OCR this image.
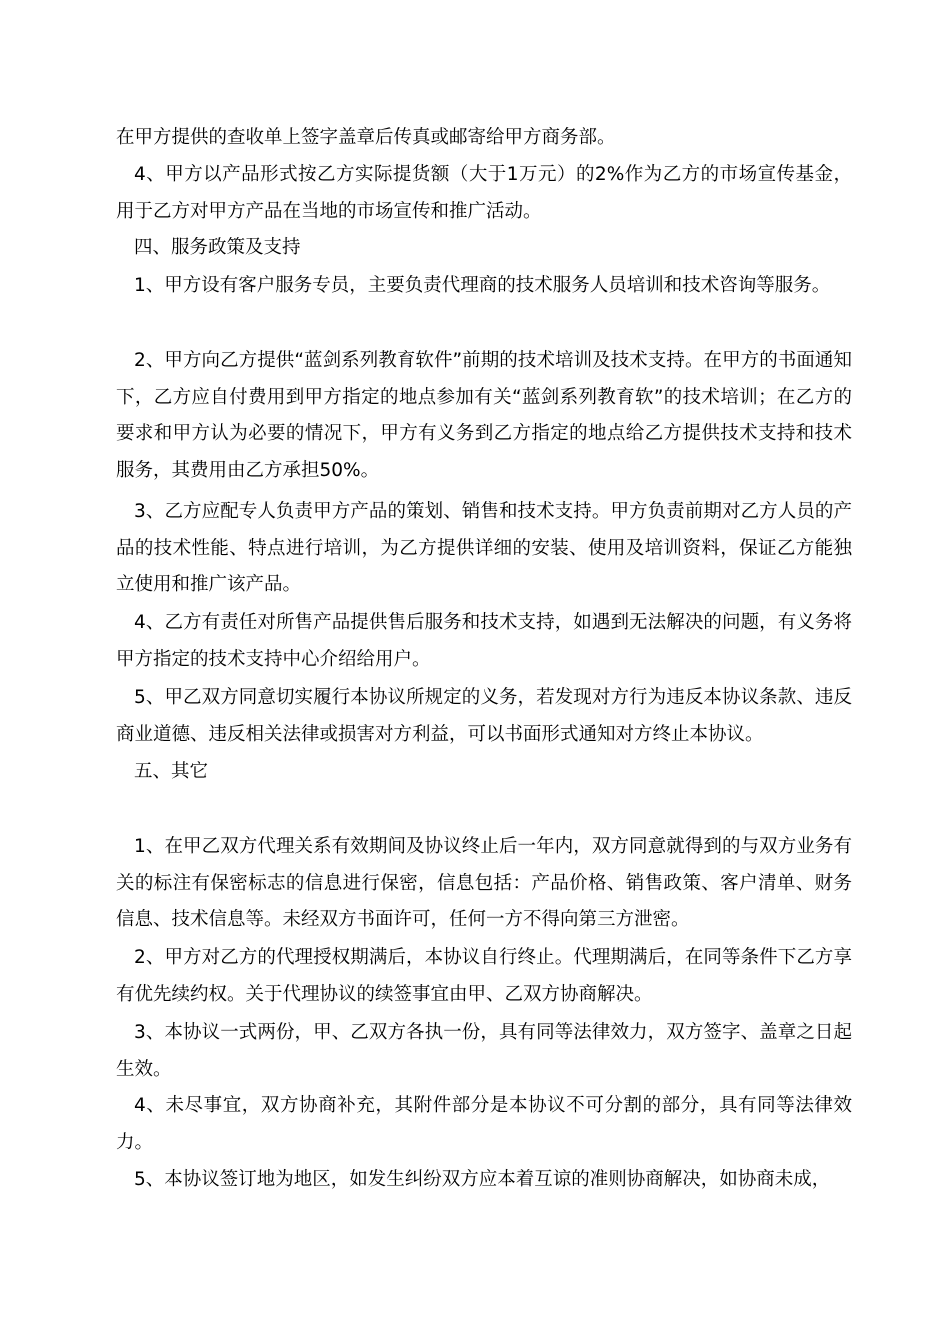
在甲方提供的查收单上签字盖章后传真或邮寄给甲方商务部。

4、甲方以产品形式按乙方实际提货额（大于1万元）的2%作为乙方的市场宣传基金，用于乙方对甲方产品在当地的市场宣传和推广活动。

四、服务政策及支持

1、甲方设有客户服务专员，主要负责代理商的技术服务人员培训和技术咨询等服务。

2、甲方向乙方提供“蓝剑系列教育软件”前期的技术培训及技术支持。在甲方的书面通知下，乙方应自付费用到甲方指定的地点参加有关“蓝剑系列教育软”的技术培训；在乙方的要求和甲方认为必要的情况下，甲方有义务到乙方指定的地点给乙方提供技术支持和技术服务，其费用由乙方承担50%。

3、乙方应配专人负责甲方产品的策划、销售和技术支持。甲方负责前期对乙方人员的产品的技术性能、特点进行培训，为乙方提供详细的安装、使用及培训资料，保证乙方能独立使用和推广该产品。

4、乙方有责任对所售产品提供售后服务和技术支持，如遇到无法解决的问题，有义务将甲方指定的技术支持中心介绍给用户。

5、甲乙双方同意切实履行本协议所规定的义务，若发现对方行为违反本协议条款、违反商业道德、违反相关法律或损害对方利益，可以书面形式通知对方终止本协议。

五、其它

1、在甲乙双方代理关系有效期间及协议终止后一年内，双方同意就得到的与双方业务有关的标注有保密标志的信息进行保密，信息包括：产品价格、销售政策、客户清单、财务信息、技术信息等。未经双方书面许可，任何一方不得向第三方泄密。

2、甲方对乙方的代理授权期满后，本协议自行终止。代理期满后，在同等条件下乙方享有优先续约权。关于代理协议的续签事宜由甲、乙双方协商解决。

3、本协议一式两份，甲、乙双方各执一份，具有同等法律效力，双方签字、盖章之日起生效。

4、未尽事宜，双方协商补充，其附件部分是本协议不可分割的部分，具有同等法律效力。

5、本协议签订地为地区，如发生纠纷双方应本着互谅的准则协商解决，如协商未成，
